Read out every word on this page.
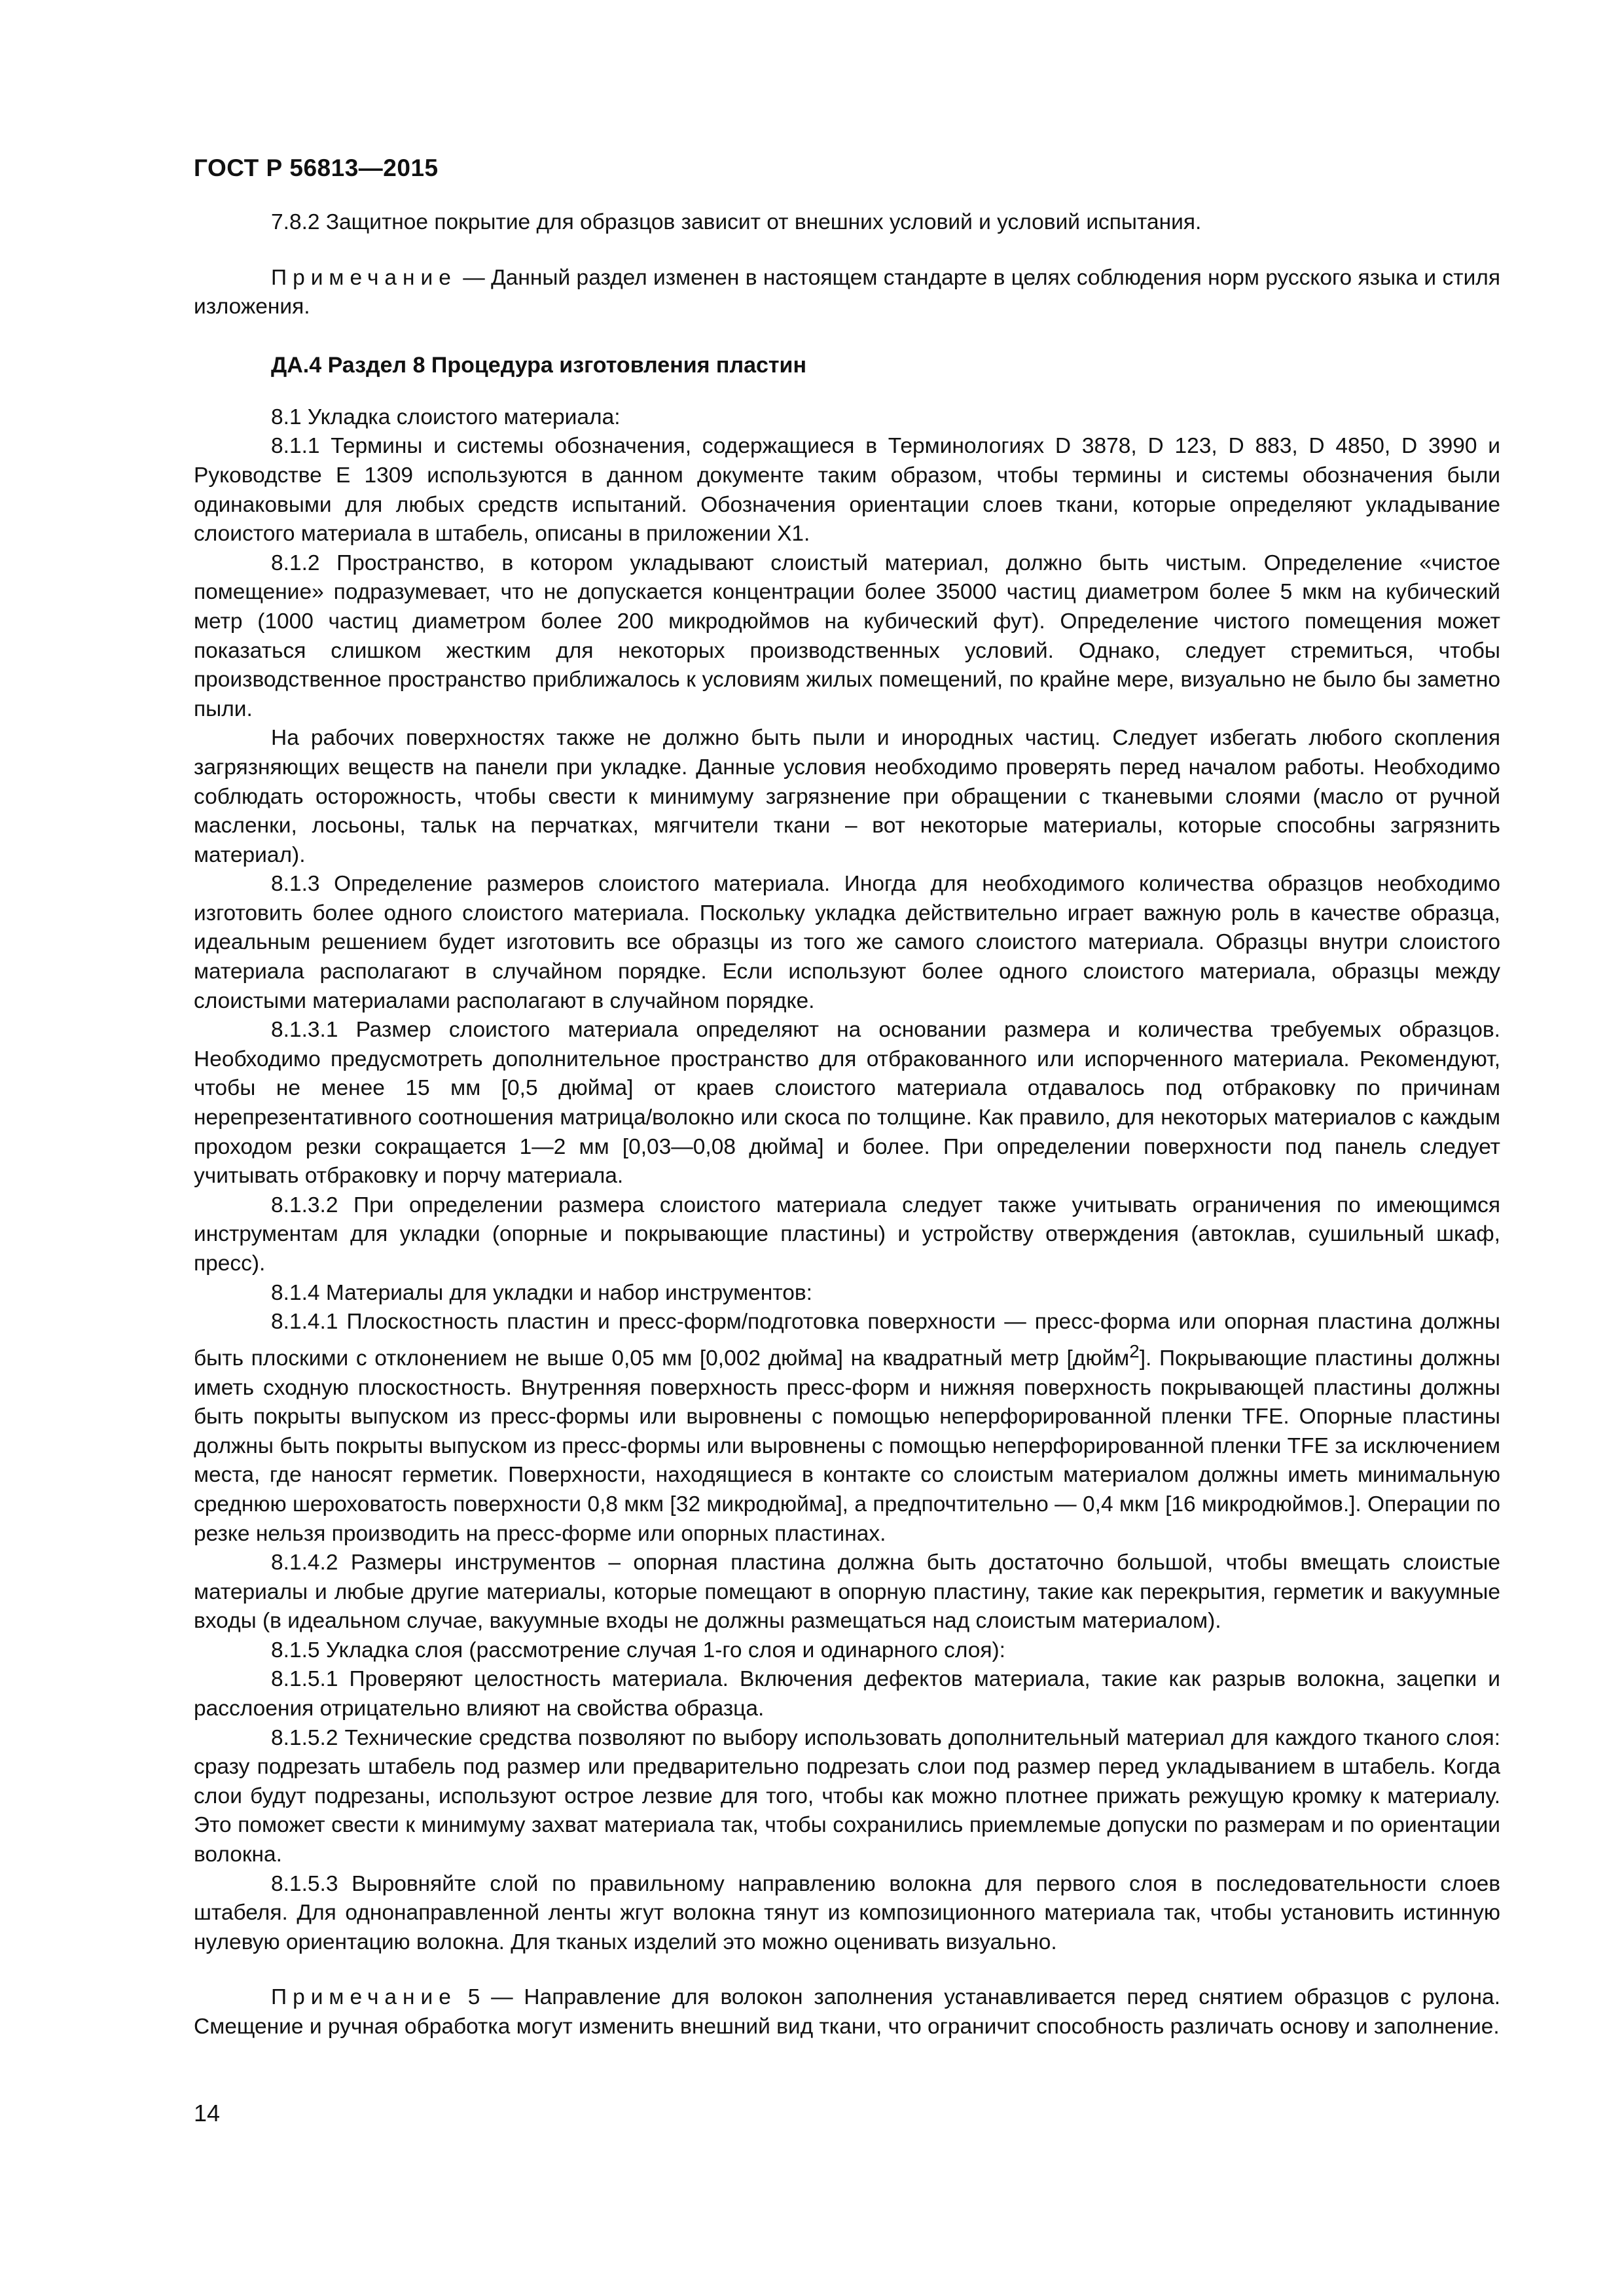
ГОСТ Р 56813—2015

7.8.2 Защитное покрытие для образцов зависит от внешних условий и условий испытания.

Примечание — Данный раздел изменен в настоящем стандарте в целях соблюдения норм русского языка и стиля изложения.

ДА.4 Раздел 8 Процедура изготовления пластин

8.1 Укладка слоистого материала:

8.1.1 Термины и системы обозначения, содержащиеся в Терминологиях D 3878, D 123, D 883, D 4850, D 3990 и Руководстве E 1309 используются в данном документе таким образом, чтобы термины и системы обозначения были одинаковыми для любых средств испытаний. Обозначения ориентации слоев ткани, которые определяют укладывание слоистого материала в штабель, описаны в приложении X1.

8.1.2 Пространство, в котором укладывают слоистый материал, должно быть чистым. Определение «чистое помещение» подразумевает, что не допускается концентрации более 35000 частиц диаметром более 5 мкм на кубический метр (1000 частиц диаметром более 200 микродюймов на кубический фут). Определение чистого помещения может показаться слишком жестким для некоторых производственных условий. Однако, следует стремиться, чтобы производственное пространство приближалось к условиям жилых помещений, по крайне мере, визуально не было бы заметно пыли.

На рабочих поверхностях также не должно быть пыли и инородных частиц. Следует избегать любого скопления загрязняющих веществ на панели при укладке. Данные условия необходимо проверять перед началом работы. Необходимо соблюдать осторожность, чтобы свести к минимуму загрязнение при обращении с тканевыми слоями (масло от ручной масленки, лосьоны, тальк на перчатках, мягчители ткани – вот некоторые материалы, которые способны загрязнить материал).

8.1.3 Определение размеров слоистого материала. Иногда для необходимого количества образцов необходимо изготовить более одного слоистого материала. Поскольку укладка действительно играет важную роль в качестве образца, идеальным решением будет изготовить все образцы из того же самого слоистого материала. Образцы внутри слоистого материала располагают в случайном порядке. Если используют более одного слоистого материала, образцы между слоистыми материалами располагают в случайном порядке.

8.1.3.1 Размер слоистого материала определяют на основании размера и количества требуемых образцов. Необходимо предусмотреть дополнительное пространство для отбракованного или испорченного материала. Рекомендуют, чтобы не менее 15 мм [0,5 дюйма] от краев слоистого материала отдавалось под отбраковку по причинам нерепрезентативного соотношения матрица/волокно или скоса по толщине. Как правило, для некоторых материалов с каждым проходом резки сокращается 1—2 мм [0,03—0,08 дюйма] и более. При определении поверхности под панель следует учитывать отбраковку и порчу материала.

8.1.3.2 При определении размера слоистого материала следует также учитывать ограничения по имеющимся инструментам для укладки (опорные и покрывающие пластины) и устройству отверждения (автоклав, сушильный шкаф, пресс).

8.1.4 Материалы для укладки и набор инструментов:

8.1.4.1 Плоскостность пластин и пресс-форм/подготовка поверхности — пресс-форма или опорная пластина должны быть плоскими с отклонением не выше 0,05 мм [0,002 дюйма] на квадратный метр [дюйм$^2$]. Покрывающие пластины должны иметь сходную плоскостность. Внутренняя поверхность пресс-форм и нижняя поверхность покрывающей пластины должны быть покрыты выпуском из пресс-формы или выровнены с помощью неперфорированной пленки TFE. Опорные пластины должны быть покрыты выпуском из пресс-формы или выровнены с помощью неперфорированной пленки TFE за исключением места, где наносят герметик. Поверхности, находящиеся в контакте со слоистым материалом должны иметь минимальную среднюю шероховатость поверхности 0,8 мкм [32 микродюйма], а предпочтительно — 0,4 мкм [16 микродюймов.]. Операции по резке нельзя производить на пресс-форме или опорных пластинах.

8.1.4.2 Размеры инструментов – опорная пластина должна быть достаточно большой, чтобы вмещать слоистые материалы и любые другие материалы, которые помещают в опорную пластину, такие как перекрытия, герметик и вакуумные входы (в идеальном случае, вакуумные входы не должны размещаться над слоистым материалом).

8.1.5 Укладка слоя (рассмотрение случая 1-го слоя и одинарного слоя):

8.1.5.1 Проверяют целостность материала. Включения дефектов материала, такие как разрыв волокна, зацепки и расслоения отрицательно влияют на свойства образца.

8.1.5.2 Технические средства позволяют по выбору использовать дополнительный материал для каждого тканого слоя: сразу подрезать штабель под размер или предварительно подрезать слои под размер перед укладыванием в штабель. Когда слои будут подрезаны, используют острое лезвие для того, чтобы как можно плотнее прижать режущую кромку к материалу. Это поможет свести к минимуму захват материала так, чтобы сохранились приемлемые допуски по размерам и по ориентации волокна.

8.1.5.3 Выровняйте слой по правильному направлению волокна для первого слоя в последовательности слоев штабеля. Для однонаправленной ленты жгут волокна тянут из композиционного материала так, чтобы установить истинную нулевую ориентацию волокна. Для тканых изделий это можно оценивать визуально.

Примечание 5 — Направление для волокон заполнения устанавливается перед снятием образцов с рулона. Смещение и ручная обработка могут изменить внешний вид ткани, что ограничит способность различать основу и заполнение.

14
